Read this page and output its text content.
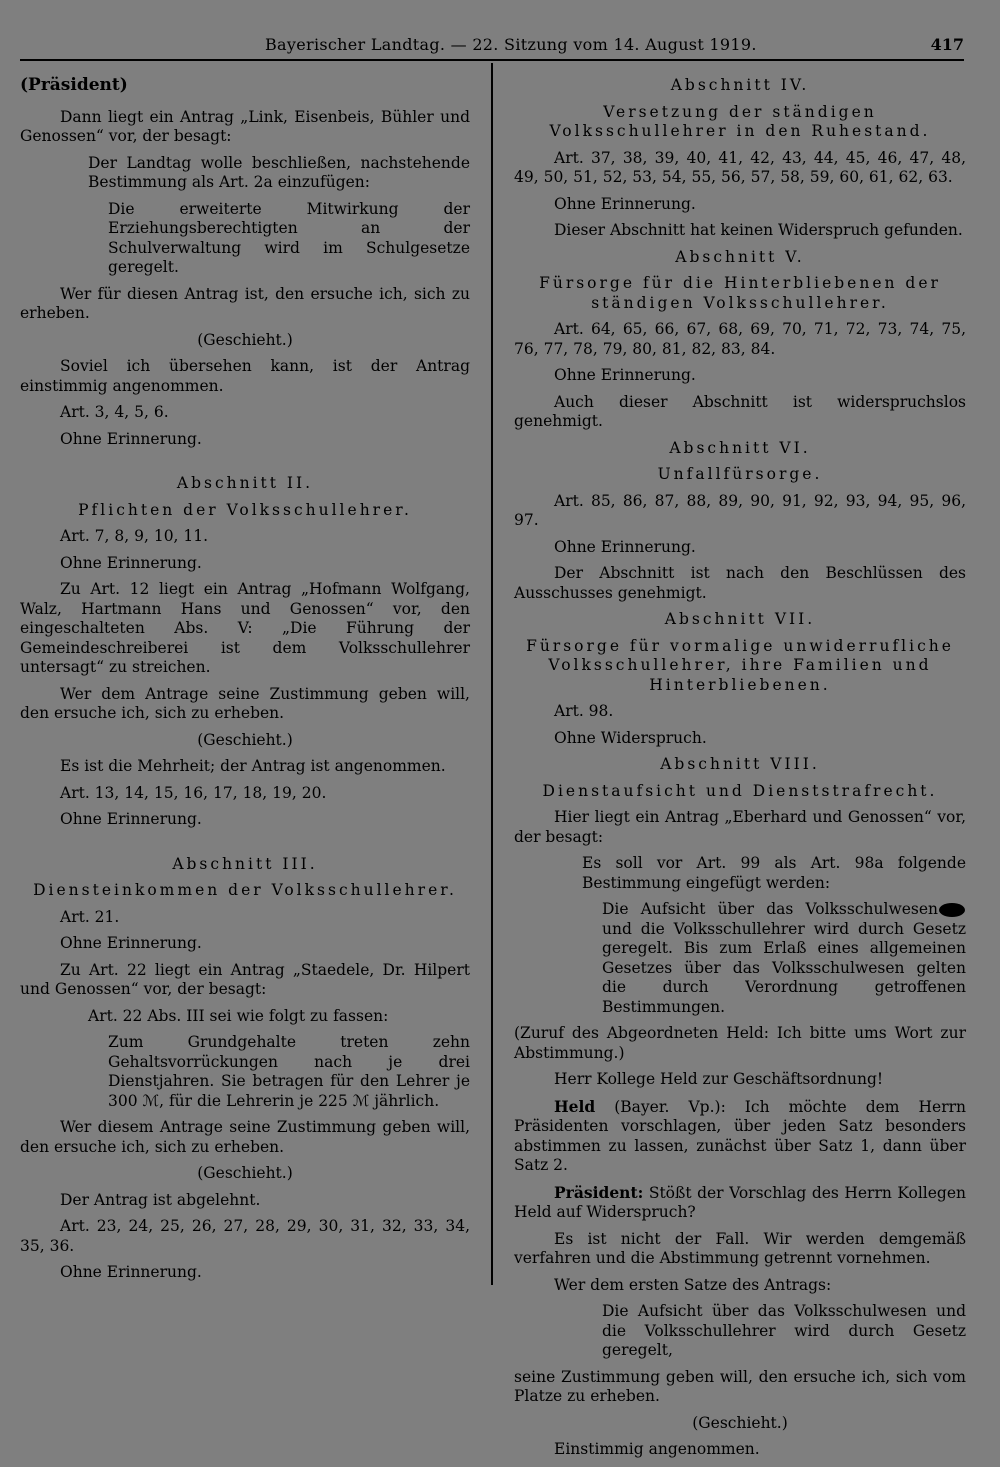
Bayerischer Landtag. — 22. Sitzung vom 14. August 1919.	417

(Präsident)

Dann liegt ein Antrag „Link, Eisenbeis, Bühler und Genossen“ vor, der besagt:

Der Landtag wolle beschließen, nachstehende Bestimmung als Art. 2a einzufügen:

Die erweiterte Mitwirkung der Erziehungsberechtigten an der Schulverwaltung wird im Schulgesetze geregelt.

Wer für diesen Antrag ist, den ersuche ich, sich zu erheben.

(Geschieht.)

Soviel ich übersehen kann, ist der Antrag einstimmig angenommen.

Art. 3, 4, 5, 6.

Ohne Erinnerung.

Abschnitt II.

Pflichten der Volksschullehrer.

Art. 7, 8, 9, 10, 11.

Ohne Erinnerung.

Zu Art. 12 liegt ein Antrag „Hofmann Wolfgang, Walz, Hartmann Hans und Genossen“ vor, den eingeschalteten Abs. V: „Die Führung der Gemeindeschreiberei ist dem Volksschullehrer untersagt“ zu streichen.

Wer dem Antrage seine Zustimmung geben will, den ersuche ich, sich zu erheben.

(Geschieht.)

Es ist die Mehrheit; der Antrag ist angenommen.

Art. 13, 14, 15, 16, 17, 18, 19, 20.

Ohne Erinnerung.

Abschnitt III.

Diensteinkommen der Volksschullehrer.

Art. 21.

Ohne Erinnerung.

Zu Art. 22 liegt ein Antrag „Staedele, Dr. Hilpert und Genossen“ vor, der besagt:

Art. 22 Abs. III sei wie folgt zu fassen:

Zum Grundgehalte treten zehn Gehaltsvorrückungen nach je drei Dienstjahren. Sie betragen für den Lehrer je 300 ℳ, für die Lehrerin je 225 ℳ jährlich.

Wer diesem Antrage seine Zustimmung geben will, den ersuche ich, sich zu erheben.

(Geschieht.)

Der Antrag ist abgelehnt.

Art. 23, 24, 25, 26, 27, 28, 29, 30, 31, 32, 33, 34, 35, 36.

Ohne Erinnerung.

Abschnitt IV.

Versetzung der ständigen Volksschullehrer in den Ruhestand.

Art. 37, 38, 39, 40, 41, 42, 43, 44, 45, 46, 47, 48, 49, 50, 51, 52, 53, 54, 55, 56, 57, 58, 59, 60, 61, 62, 63.

Ohne Erinnerung.

Dieser Abschnitt hat keinen Widerspruch gefunden.

Abschnitt V.

Fürsorge für die Hinterbliebenen der ständigen Volksschullehrer.

Art. 64, 65, 66, 67, 68, 69, 70, 71, 72, 73, 74, 75, 76, 77, 78, 79, 80, 81, 82, 83, 84.

Ohne Erinnerung.

Auch dieser Abschnitt ist widerspruchslos genehmigt.

Abschnitt VI.

Unfallfürsorge.

Art. 85, 86, 87, 88, 89, 90, 91, 92, 93, 94, 95, 96, 97.

Ohne Erinnerung.

Der Abschnitt ist nach den Beschlüssen des Ausschusses genehmigt.

Abschnitt VII.

Fürsorge für vormalige unwiderrufliche Volksschullehrer, ihre Familien und Hinterbliebenen.

Art. 98.

Ohne Widerspruch.

Abschnitt VIII.

Dienstaufsicht und Dienststrafrecht.

Hier liegt ein Antrag „Eberhard und Genossen“ vor, der besagt:

Es soll vor Art. 99 als Art. 98a folgende Bestimmung eingefügt werden:

Die Aufsicht über das Volksschulwesenund die Volksschullehrer wird durch Gesetz geregelt. Bis zum Erlaß eines allgemeinen Gesetzes über das Volksschulwesen gelten die durch Verordnung getroffenen Bestimmungen.

(Zuruf des Abgeordneten Held: Ich bitte ums Wort zur Abstimmung.)

Herr Kollege Held zur Geschäftsordnung!

Held (Bayer. Vp.): Ich möchte dem Herrn Präsidenten vorschlagen, über jeden Satz besonders abstimmen zu lassen, zunächst über Satz 1, dann über Satz 2.

Präsident: Stößt der Vorschlag des Herrn Kollegen Held auf Widerspruch?

Es ist nicht der Fall. Wir werden demgemäß verfahren und die Abstimmung getrennt vornehmen.

Wer dem ersten Satze des Antrags:

Die Aufsicht über das Volksschulwesen und die Volksschullehrer wird durch Gesetz geregelt,

seine Zustimmung geben will, den ersuche ich, sich vom Platze zu erheben.

(Geschieht.)

Einstimmig angenommen.
